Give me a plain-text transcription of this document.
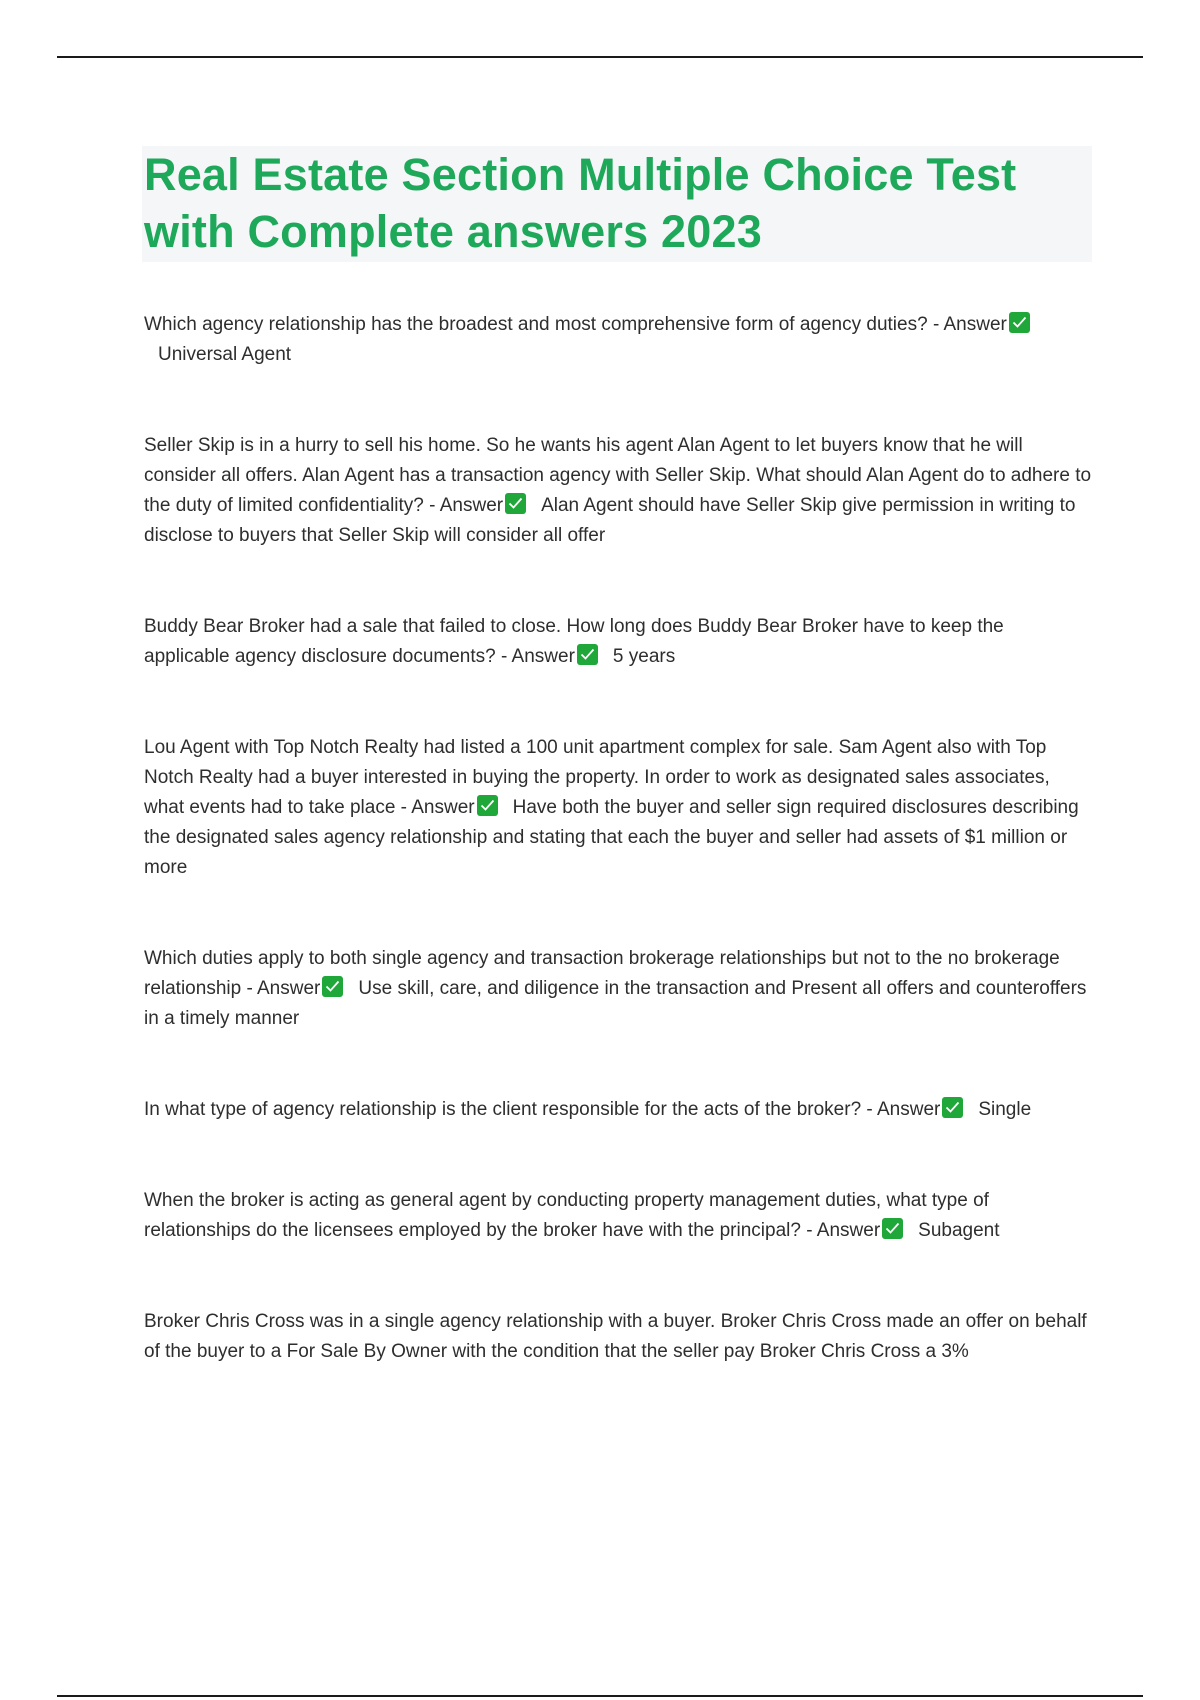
Real Estate Section Multiple Choice Test with Complete answers 2023

Which agency relationship has the broadest and most comprehensive form of agency duties? - Answer
Universal Agent

Seller Skip is in a hurry to sell his home. So he wants his agent Alan Agent to let buyers know that he will consider all offers. Alan Agent has a transaction agency with Seller Skip. What should Alan Agent do to adhere to the duty of limited confidentiality? - Answer Alan Agent should have Seller Skip give permission in writing to disclose to buyers that Seller Skip will consider all offer

Buddy Bear Broker had a sale that failed to close. How long does Buddy Bear Broker have to keep the applicable agency disclosure documents? - Answer 5 years

Lou Agent with Top Notch Realty had listed a 100 unit apartment complex for sale. Sam Agent also with Top Notch Realty had a buyer interested in buying the property. In order to work as designated sales associates, what events had to take place - Answer Have both the buyer and seller sign required disclosures describing the designated sales agency relationship and stating that each the buyer and seller had assets of $1 million or more

Which duties apply to both single agency and transaction brokerage relationships but not to the no brokerage relationship - Answer Use skill, care, and diligence in the transaction and Present all offers and counteroffers in a timely manner

In what type of agency relationship is the client responsible for the acts of the broker? - Answer Single

When the broker is acting as general agent by conducting property management duties, what type of relationships do the licensees employed by the broker have with the principal? - Answer Subagent

Broker Chris Cross was in a single agency relationship with a buyer. Broker Chris Cross made an offer on behalf of the buyer to a For Sale By Owner with the condition that the seller pay Broker Chris Cross a 3%
